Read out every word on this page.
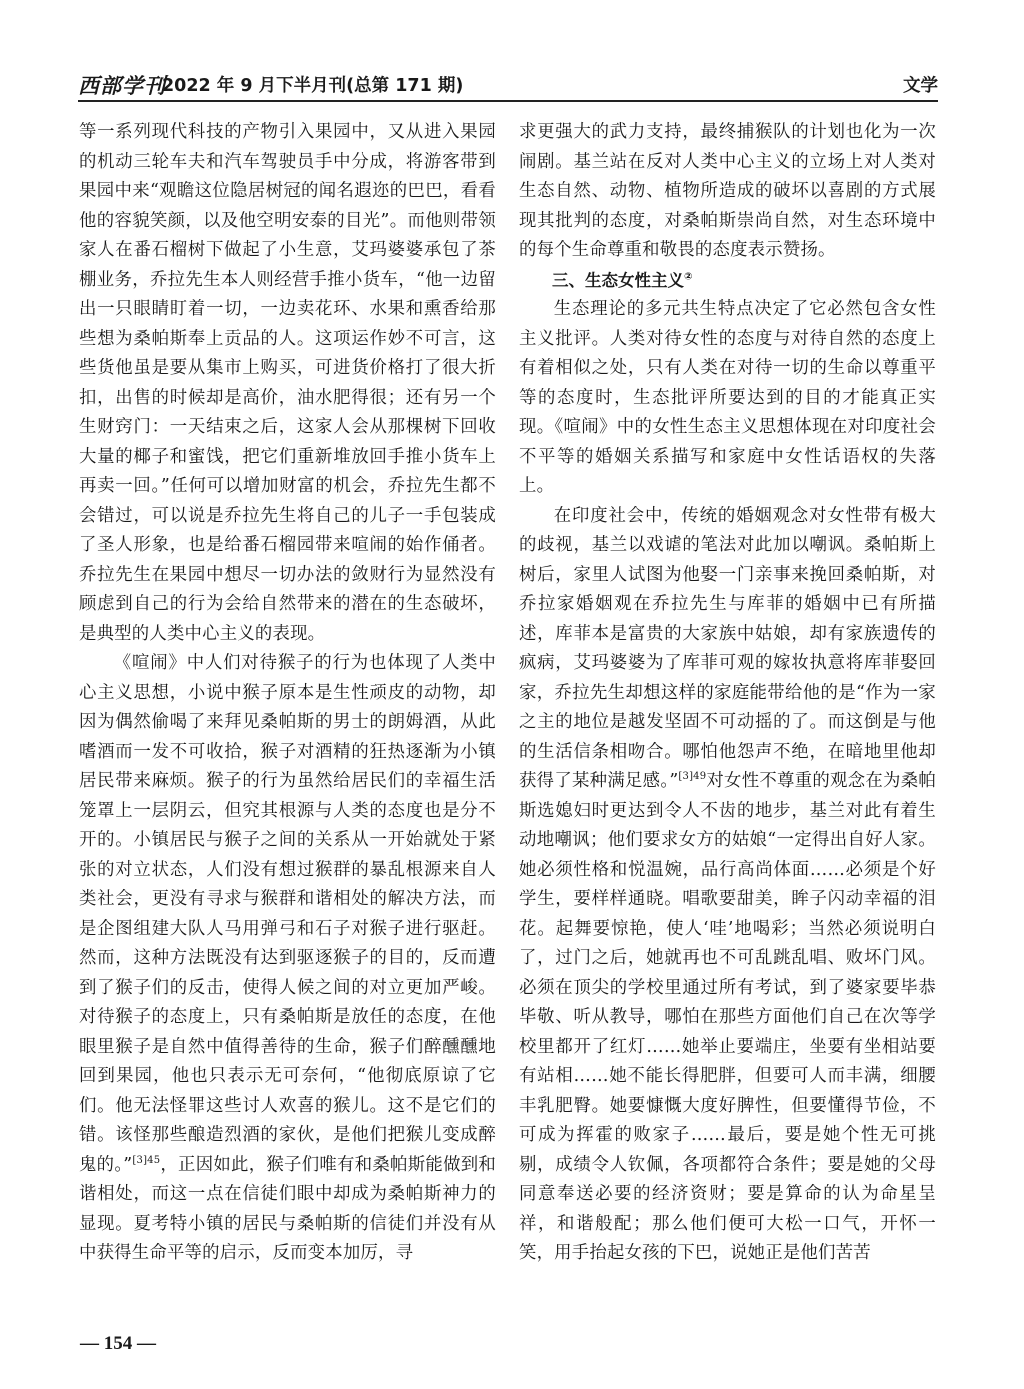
西部学刊
2022 年 9 月下半月刊(总第 171 期)	文学

等一系列现代科技的产物引入果园中，又从进入果园的机动三轮车夫和汽车驾驶员手中分成，将游客带到果园中来“观瞻这位隐居树冠的闻名遐迩的巴巴，看看他的容貌笑颜，以及他空明安泰的目光”。而他则带领家人在番石榴树下做起了小生意，艾玛婆婆承包了茶棚业务，乔拉先生本人则经营手推小货车，“他一边留出一只眼睛盯着一切，一边卖花环、水果和熏香给那些想为桑帕斯奉上贡品的人。这项运作妙不可言，这些货他虽是要从集市上购买，可进货价格打了很大折扣，出售的时候却是高价，油水肥得很；还有另一个生财窍门：一天结束之后，这家人会从那棵树下回收大量的椰子和蜜饯，把它们重新堆放回手推小货车上再卖一回。”任何可以增加财富的机会，乔拉先生都不会错过，可以说是乔拉先生将自己的儿子一手包装成了圣人形象，也是给番石榴园带来喧闹的始作俑者。乔拉先生在果园中想尽一切办法的敛财行为显然没有顾虑到自己的行为会给自然带来的潜在的生态破坏，是典型的人类中心主义的表现。

《喧闹》中人们对待猴子的行为也体现了人类中心主义思想，小说中猴子原本是生性顽皮的动物，却因为偶然偷喝了来拜见桑帕斯的男士的朗姆酒，从此嗜酒而一发不可收拾，猴子对酒精的狂热逐渐为小镇居民带来麻烦。猴子的行为虽然给居民们的幸福生活笼罩上一层阴云，但究其根源与人类的态度也是分不开的。小镇居民与猴子之间的关系从一开始就处于紧张的对立状态，人们没有想过猴群的暴乱根源来自人类社会，更没有寻求与猴群和谐相处的解决方法，而是企图组建大队人马用弹弓和石子对猴子进行驱赶。然而，这种方法既没有达到驱逐猴子的目的，反而遭到了猴子们的反击，使得人候之间的对立更加严峻。对待猴子的态度上，只有桑帕斯是放任的态度，在他眼里猴子是自然中值得善待的生命，猴子们醉醺醺地回到果园，他也只表示无可奈何，“他彻底原谅了它们。他无法怪罪这些讨人欢喜的猴儿。这不是它们的错。该怪那些酿造烈酒的家伙，是他们把猴儿变成醉鬼的。”$^{[3]45}$，正因如此，猴子们唯有和桑帕斯能做到和谐相处，而这一点在信徒们眼中却成为桑帕斯神力的显现。夏考特小镇的居民与桑帕斯的信徒们并没有从中获得生命平等的启示，反而变本加厉，寻

求更强大的武力支持，最终捕猴队的计划也化为一次闹剧。基兰站在反对人类中心主义的立场上对人类对生态自然、动物、植物所造成的破坏以喜剧的方式展现其批判的态度，对桑帕斯崇尚自然，对生态环境中的每个生命尊重和敬畏的态度表示赞扬。

三、生态女性主义②

生态理论的多元共生特点决定了它必然包含女性主义批评。人类对待女性的态度与对待自然的态度上有着相似之处，只有人类在对待一切的生命以尊重平等的态度时，生态批评所要达到的目的才能真正实现。《喧闹》中的女性生态主义思想体现在对印度社会不平等的婚姻关系描写和家庭中女性话语权的失落上。

在印度社会中，传统的婚姻观念对女性带有极大的歧视，基兰以戏谑的笔法对此加以嘲讽。桑帕斯上树后，家里人试图为他娶一门亲事来挽回桑帕斯，对乔拉家婚姻观在乔拉先生与库菲的婚姻中已有所描述，库菲本是富贵的大家族中姑娘，却有家族遗传的疯病，艾玛婆婆为了库菲可观的嫁妆执意将库菲娶回家，乔拉先生却想这样的家庭能带给他的是“作为一家之主的地位是越发坚固不可动摇的了。而这倒是与他的生活信条相吻合。哪怕他怨声不绝，在暗地里他却获得了某种满足感。”$^{[3]49}$对女性不尊重的观念在为桑帕斯选媳妇时更达到令人不齿的地步，基兰对此有着生动地嘲讽；他们要求女方的姑娘“一定得出自好人家。她必须性格和悦温婉，品行高尚体面……必须是个好学生，要样样通晓。唱歌要甜美，眸子闪动幸福的泪花。起舞要惊艳，使人‘哇’地喝彩；当然必须说明白了，过门之后，她就再也不可乱跳乱唱、败坏门风。必须在顶尖的学校里通过所有考试，到了婆家要毕恭毕敬、听从教导，哪怕在那些方面他们自己在次等学校里都开了红灯……她举止要端庄，坐要有坐相站要有站相……她不能长得肥胖，但要可人而丰满，细腰丰乳肥臀。她要慷慨大度好脾性，但要懂得节俭，不可成为挥霍的败家子……最后，要是她个性无可挑剔，成绩令人钦佩，各项都符合条件；要是她的父母同意奉送必要的经济资财；要是算命的认为命星呈祥，和谐般配；那么他们便可大松一口气，开怀一笑，用手抬起女孩的下巴，说她正是他们苦苦

— 154 —
